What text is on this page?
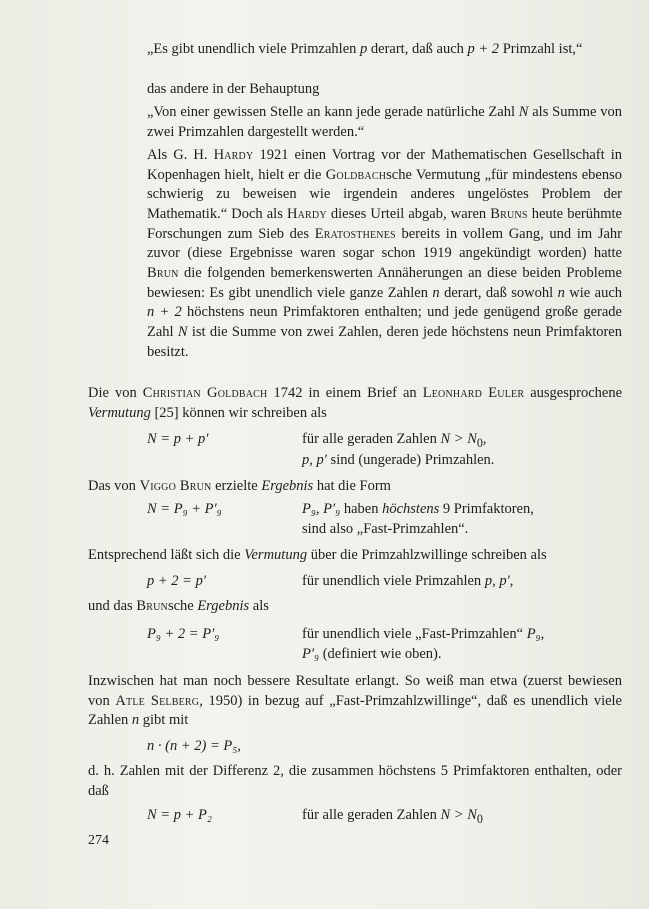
„Es gibt unendlich viele Primzahlen p derart, daß auch p + 2 Primzahl ist,“
das andere in der Behauptung
„Von einer gewissen Stelle an kann jede gerade natürliche Zahl N als Summe von zwei Primzahlen dargestellt werden.“
Als G. H. Hardy 1921 einen Vortrag vor der Mathematischen Gesellschaft in Kopenhagen hielt, hielt er die Goldbachsche Vermutung „für mindestens ebenso schwierig zu beweisen wie irgendein anderes ungelöstes Problem der Mathematik.“ Doch als Hardy dieses Urteil abgab, waren Bruns heute berühmte Forschungen zum Sieb des Eratosthenes bereits in vollem Gang, und im Jahr zuvor (diese Ergebnisse waren sogar schon 1919 angekündigt worden) hatte Brun die folgenden bemerkenswerten Annäherungen an diese beiden Probleme bewiesen: Es gibt unendlich viele ganze Zahlen n derart, daß sowohl n wie auch n + 2 höchstens neun Primfaktoren enthalten; und jede genügend große gerade Zahl N ist die Summe von zwei Zahlen, deren jede höchstens neun Primfaktoren besitzt.
Die von Christian Goldbach 1742 in einem Brief an Leonhard Euler ausgesprochene Vermutung [25] können wir schreiben als
N = p + p′	für alle geraden Zahlen $N > N_0$,
p, p′ sind (ungerade) Primzahlen.
Das von Viggo Brun erzielte Ergebnis hat die Form
N = P₉ + P′₉	P₉, P′₉ haben höchstens 9 Primfaktoren,
sind also „Fast-Primzahlen“.
Entsprechend läßt sich die Vermutung über die Primzahlzwillinge schreiben als
p + 2 = p′	für unendlich viele Primzahlen p, p′,
und das Brunsche Ergebnis als
P₉ + 2 = P′₉	für unendlich viele „Fast-Primzahlen“ P₉,
P′₉ (definiert wie oben).
Inzwischen hat man noch bessere Resultate erlangt. So weiß man etwa (zuerst bewiesen von Atle Selberg, 1950) in bezug auf „Fast-Primzahlzwillinge“, daß es unendlich viele Zahlen n gibt mit
n · (n + 2) = P₅,
d. h. Zahlen mit der Differenz 2, die zusammen höchstens 5 Primfaktoren enthalten, oder daß
N = p + P₂	für alle geraden Zahlen $N > N_0$
274
